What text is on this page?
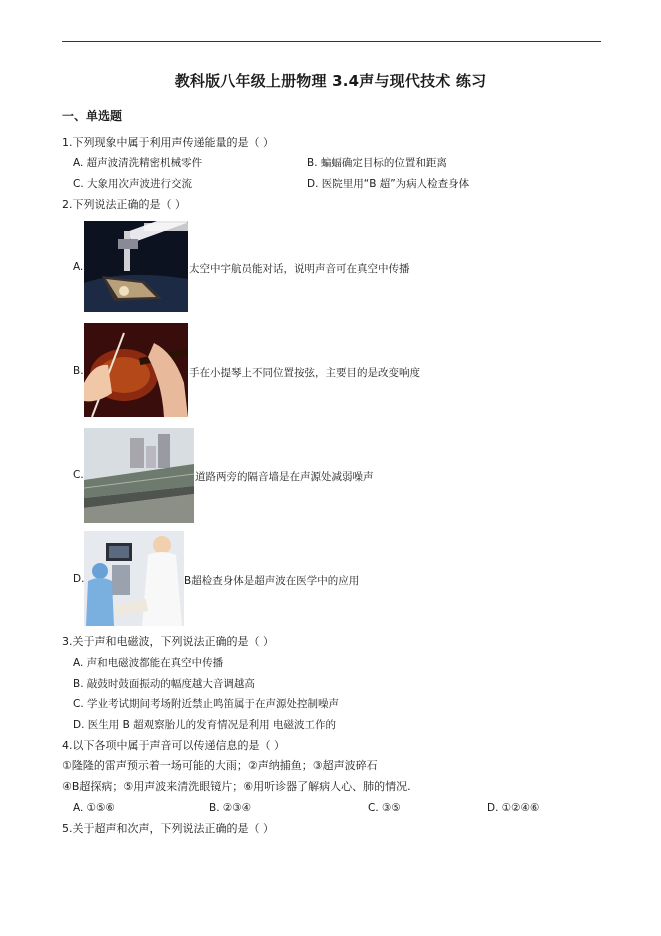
教科版八年级上册物理 3.4声与现代技术 练习
一、单选题
1.下列现象中属于利用声传递能量的是（ ）
A. 超声波清洗精密机械零件	B. 蝙蝠确定目标的位置和距离
C. 大象用次声波进行交流	D. 医院里用“B 超”为病人检查身体
2.下列说法正确的是（ ）
A.	太空中宇航员能对话，说明声音可在真空中传播
B.	手在小提琴上不同位置按弦，主要目的是改变响度
C.	道路两旁的隔音墙是在声源处减弱噪声
D.	B超检查身体是超声波在医学中的应用
3.关于声和电磁波，下列说法正确的是（ ）
A. 声和电磁波都能在真空中传播
B. 敲鼓时鼓面振动的幅度越大音调越高
C. 学业考试期间考场附近禁止鸣笛属于在声源处控制噪声
D. 医生用 B 超观察胎儿的发育情况是利用 电磁波工作的
4.以下各项中属于声音可以传递信息的是（ ）
①隆隆的雷声预示着一场可能的大雨；②声纳捕鱼；③超声波碎石
④B超探病；⑤用声波来清洗眼镜片；⑥用听诊器了解病人心、肺的情况.
A. ①⑤⑥	B. ②③④	C. ③⑤	D. ①②④⑥
5.关于超声和次声，下列说法正确的是（ ）
